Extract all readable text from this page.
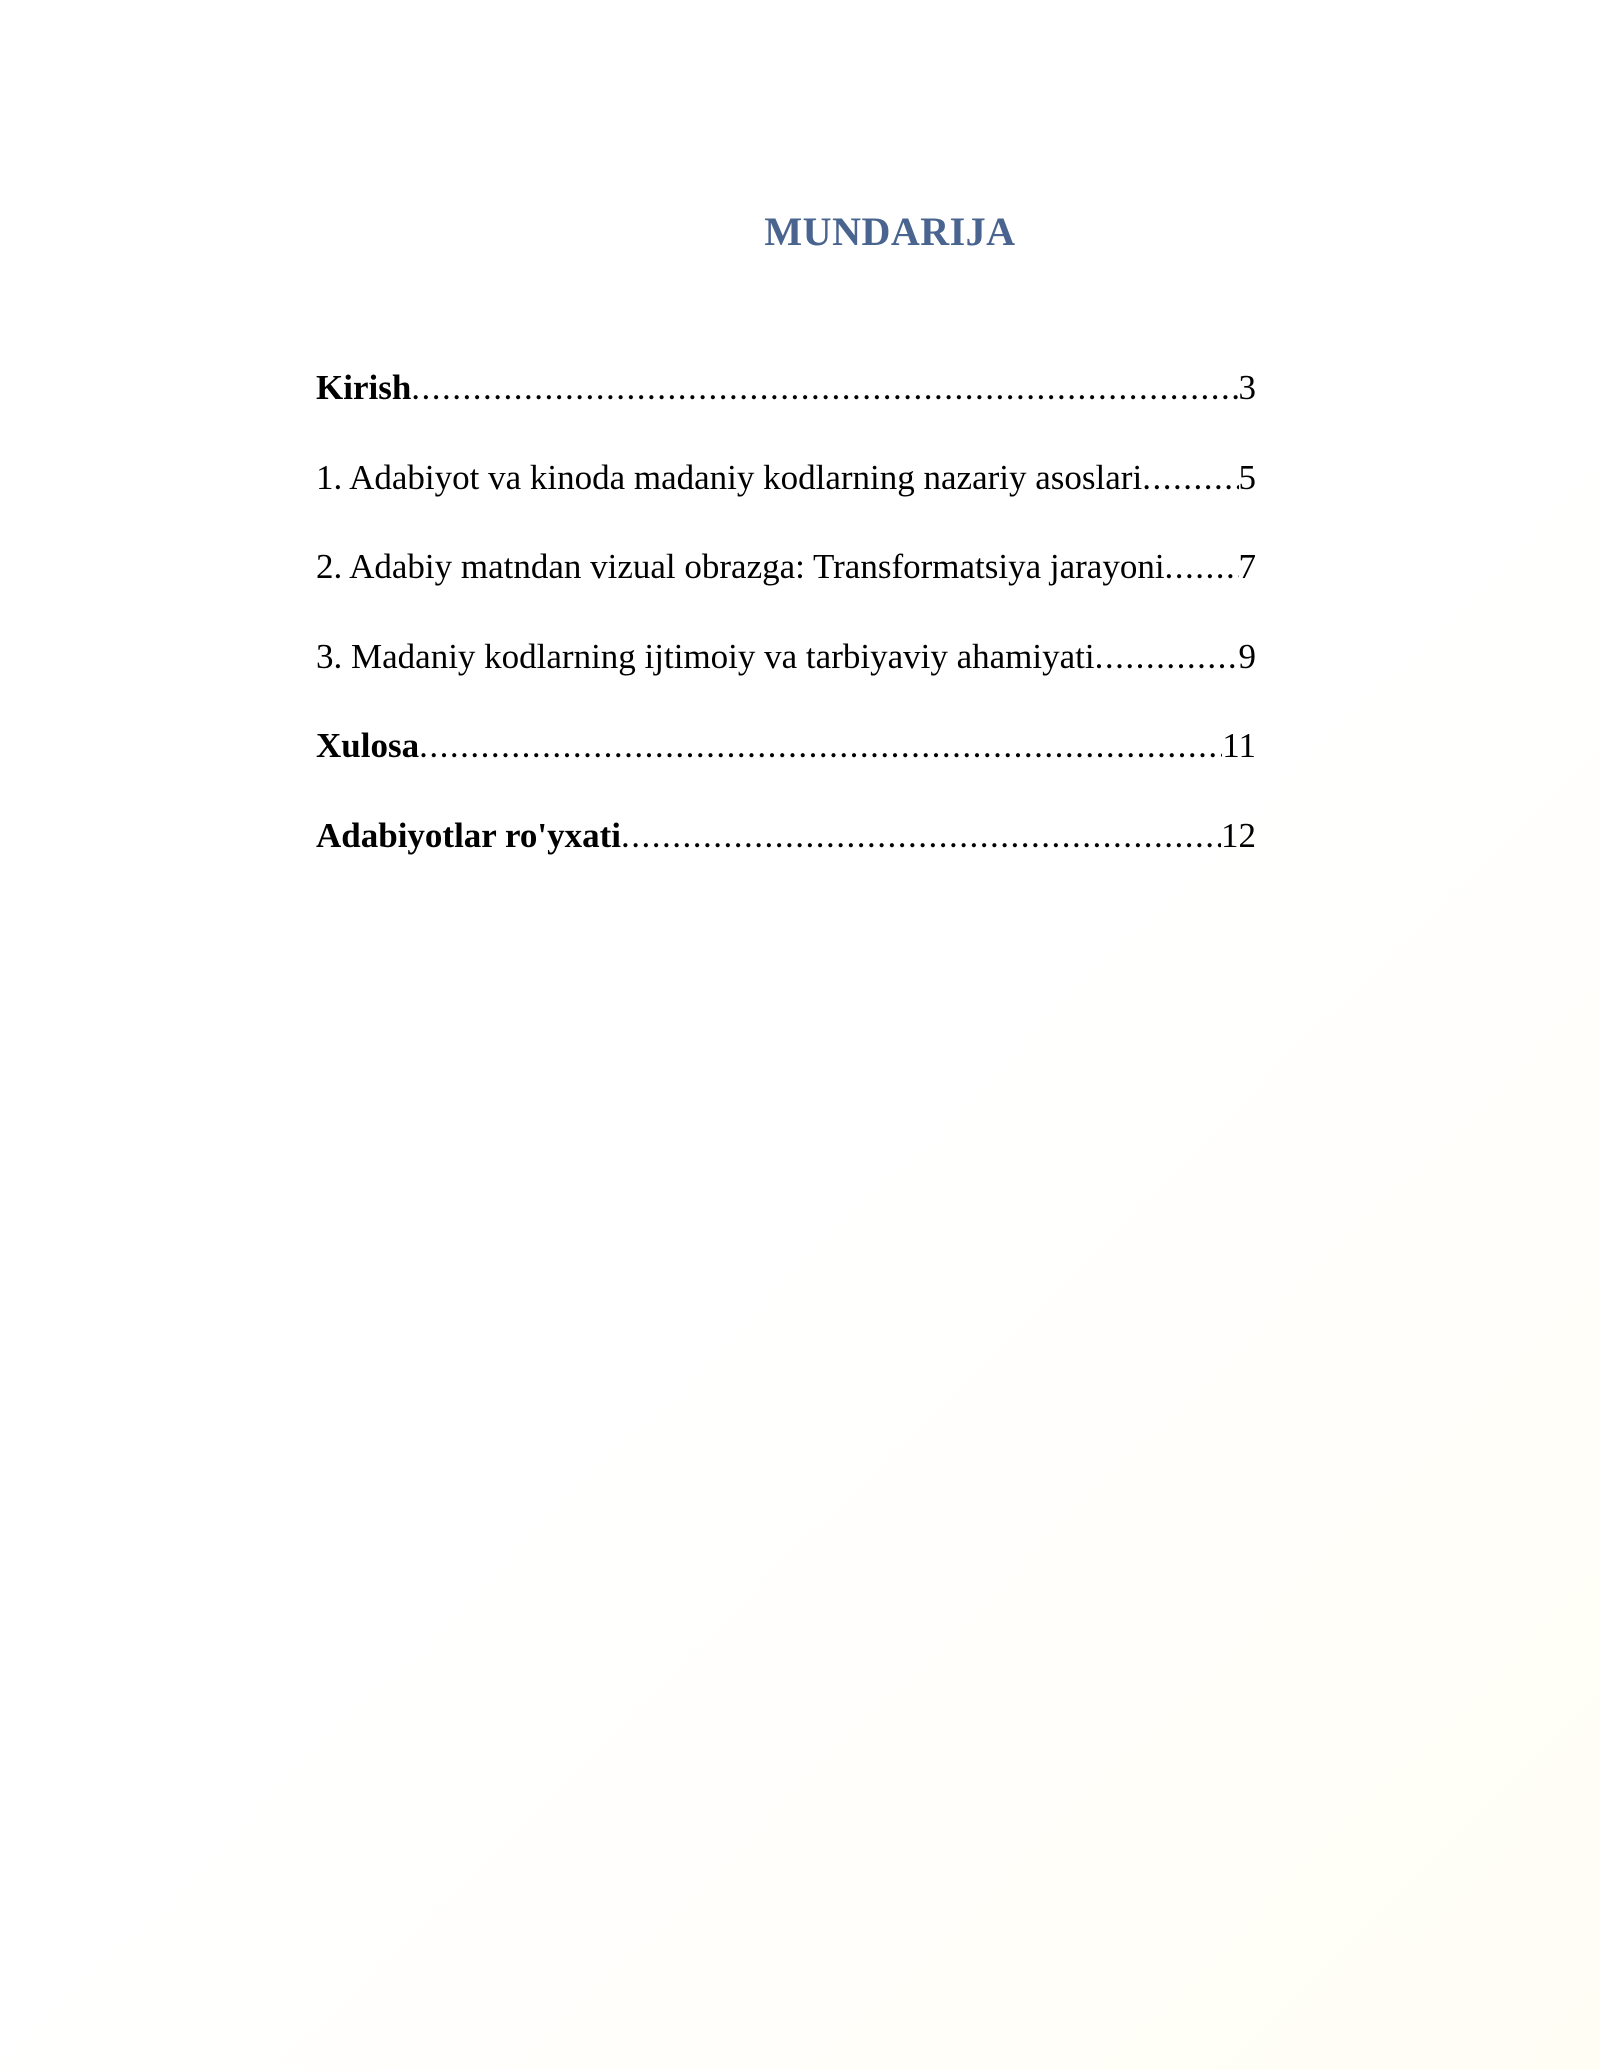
MUNDARIJA
Kirish .....	3
1. Adabiyot va kinoda madaniy kodlarning nazariy asoslari .....	5
2. Adabiy matndan vizual obrazga: Transformatsiya jarayoni ..... 7
3. Madaniy kodlarning ijtimoiy va tarbiyaviy ahamiyati .....	9
Xulosa .....	11
Adabiyotlar ro'yxati .....	12
